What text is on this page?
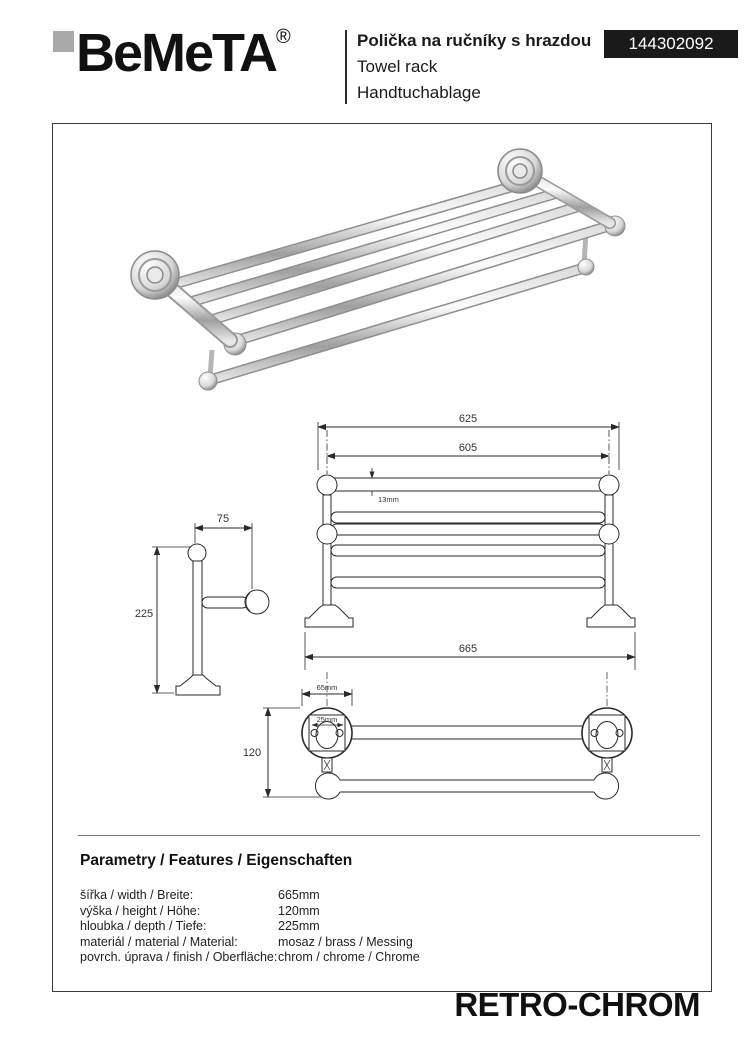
BeMeTA®	Polička na ručníky s hrazdou
Towel rack
Handtuchablage
144302092
625
605
13mm
665
75
225
65mm
25mm
120
Parametry / Features / Eigenschaften
šířka / width / Breite:	665mm
výška / height / Höhe:	120mm
hloubka / depth / Tiefe:	225mm
materiál / material / Material:	mosaz / brass / Messing
povrch. úprava / finish / Oberfläche: chrom / chrome / Chrome
RETRO-CHROM
